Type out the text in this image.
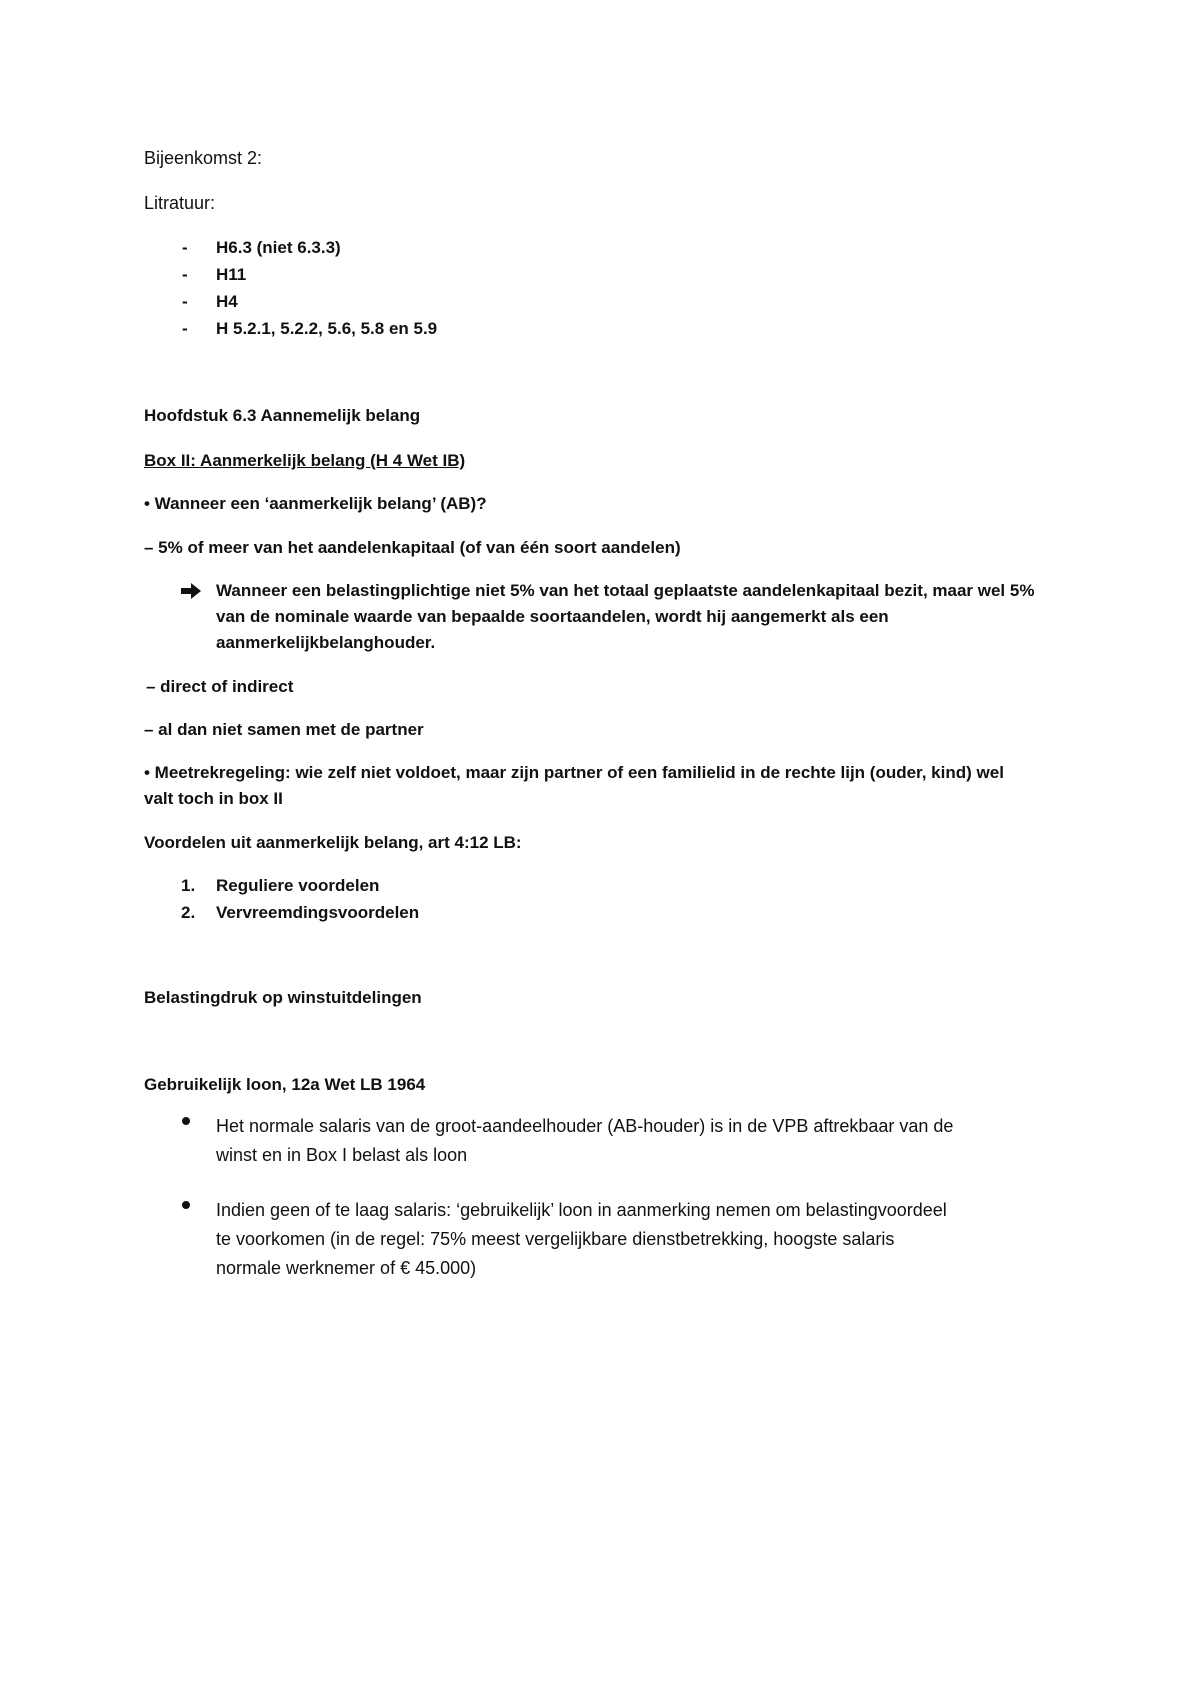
Bijeenkomst 2:
Litratuur:
- H6.3 (niet 6.3.3)
- H11
- H4
- H 5.2.1, 5.2.2, 5.6, 5.8 en 5.9
Hoofdstuk 6.3 Aannemelijk belang
Box II: Aanmerkelijk belang (H 4 Wet IB)
• Wanneer een ‘aanmerkelijk belang’ (AB)?
– 5% of meer van het aandelenkapitaal (of van één soort aandelen)
Wanneer een belastingplichtige niet 5% van het totaal geplaatste aandelenkapitaal bezit, maar wel 5%
van de nominale waarde van bepaalde soortaandelen, wordt hij aangemerkt als een
aanmerkelijkbelanghouder.
– direct of indirect
– al dan niet samen met de partner
• Meetrekregeling: wie zelf niet voldoet, maar zijn partner of een familielid in de rechte lijn (ouder, kind) wel
valt toch in box II
Voordelen uit aanmerkelijk belang, art 4:12 LB:
1. Reguliere voordelen
2. Vervreemdingsvoordelen
Belastingdruk op winstuitdelingen
Gebruikelijk loon, 12a Wet LB 1964
Het normale salaris van de groot-aandeelhouder (AB-houder) is in de VPB aftrekbaar van de
winst en in Box I belast als loon
Indien geen of te laag salaris: ‘gebruikelijk’ loon in aanmerking nemen om belastingvoordeel
te voorkomen (in de regel: 75% meest vergelijkbare dienstbetrekking, hoogste salaris
normale werknemer of € 45.000)
